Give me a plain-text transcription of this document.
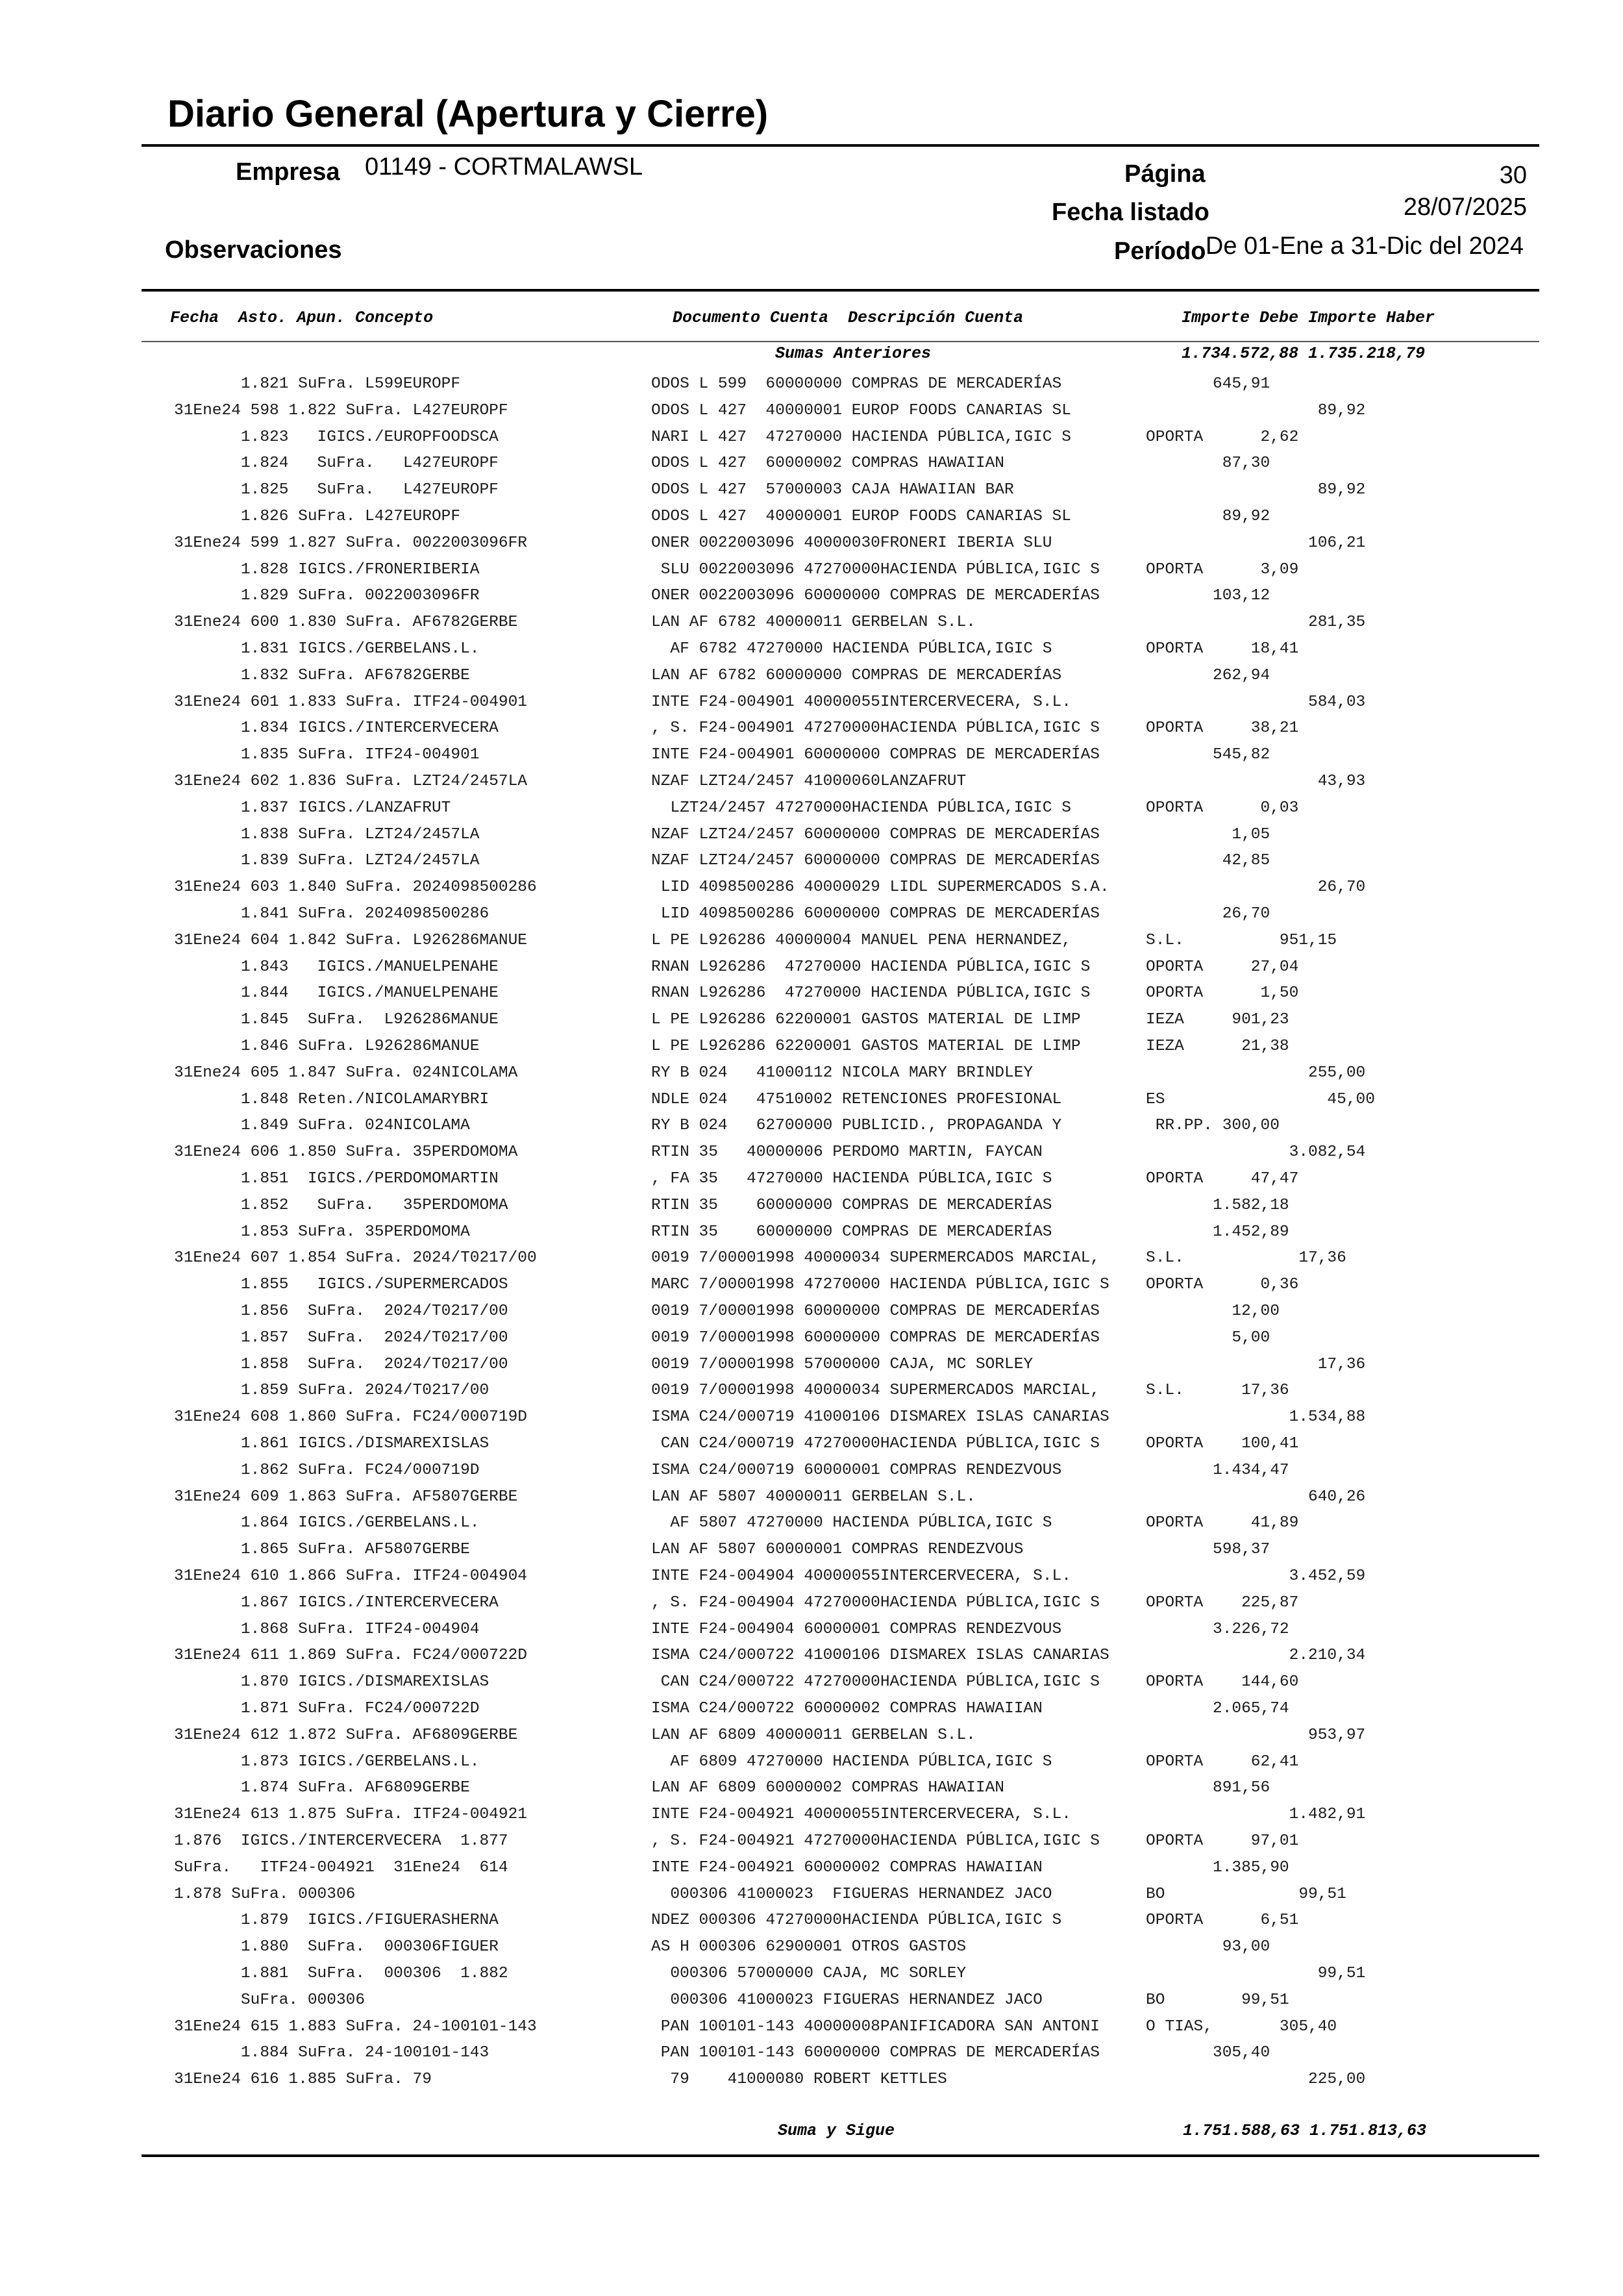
Diario General (Apertura y Cierre)
Empresa 01149 - CORTMALAWSL	Página	30
Fecha listado	28/07/2025
Observaciones	Período De 01-Ene a 31-Dic del 2024
Fecha  Asto. Apun. Concepto	Documento Cuenta  Descripción Cuenta	Importe Debe Importe Haber
Sumas Anteriores	1.734.572,88 1.735.218,79
1.821 SuFra. L599EUROPF	ODOS L 599  60000000 COMPRAS DE MERCADERÍAS	645,91
31Ene24 598 1.822 SuFra. L427EUROPF	ODOS L 427  40000001 EUROP FOODS CANARIAS SL	89,92
1.823   IGICS./EUROPFOODSCA	NARI L 427  47270000 HACIENDA PÚBLICA,IGIC S	OPORTA 2,62
1.824   SuFra.   L427EUROPF	ODOS L 427  60000002 COMPRAS HAWAIIAN	87,30
1.825   SuFra.   L427EUROPF	ODOS L 427  57000003 CAJA HAWAIIAN BAR	89,92
1.826 SuFra. L427EUROPF	ODOS L 427  40000001 EUROP FOODS CANARIAS SL	89,92
31Ene24 599 1.827 SuFra. 0022003096FR	ONER 0022003096 40000030FRONERI IBERIA SLU	106,21
1.828 IGICS./FRONERIBERIA	SLU 0022003096 47270000HACIENDA PÚBLICA,IGIC S	OPORTA 3,09
1.829 SuFra. 0022003096FR	ONER 0022003096 60000000 COMPRAS DE MERCADERÍAS	103,12
31Ene24 600 1.830 SuFra. AF6782GERBE	LAN AF 6782 40000011 GERBELAN S.L.	281,35
1.831 IGICS./GERBELANS.L.	AF 6782 47270000 HACIENDA PÚBLICA,IGIC S	OPORTA 18,41
1.832 SuFra. AF6782GERBE	LAN AF 6782 60000000 COMPRAS DE MERCADERÍAS	262,94
31Ene24 601 1.833 SuFra. ITF24-004901	INTE F24-004901 40000055INTERCERVECERA, S.L.	584,03
1.834 IGICS./INTERCERVECERA	, S. F24-004901 47270000HACIENDA PÚBLICA,IGIC S	OPORTA 38,21
1.835 SuFra. ITF24-004901	INTE F24-004901 60000000 COMPRAS DE MERCADERÍAS	545,82
31Ene24 602 1.836 SuFra. LZT24/2457LA	NZAF LZT24/2457 41000060LANZAFRUT	43,93
1.837 IGICS./LANZAFRUT	LZT24/2457 47270000HACIENDA PÚBLICA,IGIC S	OPORTA 0,03
1.838 SuFra. LZT24/2457LA	NZAF LZT24/2457 60000000 COMPRAS DE MERCADERÍAS	1,05
1.839 SuFra. LZT24/2457LA	NZAF LZT24/2457 60000000 COMPRAS DE MERCADERÍAS	42,85
31Ene24 603 1.840 SuFra. 2024098500286	LID 4098500286 40000029 LIDL SUPERMERCADOS S.A.	26,70
1.841 SuFra. 2024098500286	LID 4098500286 60000000 COMPRAS DE MERCADERÍAS	26,70
31Ene24 604 1.842 SuFra. L926286MANUE	L PE L926286 40000004 MANUEL PENA HERNANDEZ,	S.L. 951,15
1.843   IGICS./MANUELPENAHE	RNAN L926286  47270000 HACIENDA PÚBLICA,IGIC S	OPORTA 27,04
1.844   IGICS./MANUELPENAHE	RNAN L926286  47270000 HACIENDA PÚBLICA,IGIC S	OPORTA 1,50
1.845  SuFra.  L926286MANUE	L PE L926286 62200001 GASTOS MATERIAL DE LIMP	IEZA 901,23
1.846 SuFra. L926286MANUE	L PE L926286 62200001 GASTOS MATERIAL DE LIMP	IEZA 21,38
31Ene24 605 1.847 SuFra. 024NICOLAMA	RY B 024   41000112 NICOLA MARY BRINDLEY	255,00
1.848 Reten./NICOLAMARYBRI	NDLE 024   47510002 RETENCIONES PROFESIONAL	ES	45,00
1.849 SuFra. 024NICOLAMA	RY B 024   62700000 PUBLICID., PROPAGANDA Y	RR.PP. 300,00
31Ene24 606 1.850 SuFra. 35PERDOMOMA	RTIN 35   40000006 PERDOMO MARTIN, FAYCAN	3.082,54
1.851  IGICS./PERDOMOMARTIN	, FA 35   47270000 HACIENDA PÚBLICA,IGIC S	OPORTA 47,47
1.852   SuFra.   35PERDOMOMA	RTIN 35    60000000 COMPRAS DE MERCADERÍAS	1.582,18
1.853 SuFra. 35PERDOMOMA	RTIN 35    60000000 COMPRAS DE MERCADERÍAS	1.452,89
31Ene24 607 1.854 SuFra. 2024/T0217/00	0019 7/00001998 40000034 SUPERMERCADOS MARCIAL,	S.L. 17,36
1.855   IGICS./SUPERMERCADOS	MARC 7/00001998 47270000 HACIENDA PÚBLICA,IGIC S OPORTA 0,36
1.856  SuFra.  2024/T0217/00	0019 7/00001998 60000000 COMPRAS DE MERCADERÍAS	12,00
1.857  SuFra.  2024/T0217/00	0019 7/00001998 60000000 COMPRAS DE MERCADERÍAS	5,00
1.858  SuFra.  2024/T0217/00	0019 7/00001998 57000000 CAJA, MC SORLEY	17,36
1.859 SuFra. 2024/T0217/00	0019 7/00001998 40000034 SUPERMERCADOS MARCIAL,	S.L. 17,36
31Ene24 608 1.860 SuFra. FC24/000719D	ISMA C24/000719 41000106 DISMAREX ISLAS CANARIAS	1.534,88
1.861 IGICS./DISMAREXISLAS	CAN C24/000719 47270000HACIENDA PÚBLICA,IGIC S	OPORTA 100,41
1.862 SuFra. FC24/000719D	ISMA C24/000719 60000001 COMPRAS RENDEZVOUS	1.434,47
31Ene24 609 1.863 SuFra. AF5807GERBE	LAN AF 5807 40000011 GERBELAN S.L.	640,26
1.864 IGICS./GERBELANS.L.	AF 5807 47270000 HACIENDA PÚBLICA,IGIC S	OPORTA 41,89
1.865 SuFra. AF5807GERBE	LAN AF 5807 60000001 COMPRAS RENDEZVOUS	598,37
31Ene24 610 1.866 SuFra. ITF24-004904	INTE F24-004904 40000055INTERCERVECERA, S.L.	3.452,59
1.867 IGICS./INTERCERVECERA	, S. F24-004904 47270000HACIENDA PÚBLICA,IGIC S	OPORTA 225,87
1.868 SuFra. ITF24-004904	INTE F24-004904 60000001 COMPRAS RENDEZVOUS	3.226,72
31Ene24 611 1.869 SuFra. FC24/000722D	ISMA C24/000722 41000106 DISMAREX ISLAS CANARIAS	2.210,34
1.870 IGICS./DISMAREXISLAS	CAN C24/000722 47270000HACIENDA PÚBLICA,IGIC S	OPORTA 144,60
1.871 SuFra. FC24/000722D	ISMA C24/000722 60000002 COMPRAS HAWAIIAN	2.065,74
31Ene24 612 1.872 SuFra. AF6809GERBE	LAN AF 6809 40000011 GERBELAN S.L.	953,97
1.873 IGICS./GERBELANS.L.	AF 6809 47270000 HACIENDA PÚBLICA,IGIC S	OPORTA 62,41
1.874 SuFra. AF6809GERBE	LAN AF 6809 60000002 COMPRAS HAWAIIAN	891,56
31Ene24 613 1.875 SuFra. ITF24-004921	INTE F24-004921 40000055INTERCERVECERA, S.L.	1.482,91
1.876  IGICS./INTERCERVECERA  1.877	, S. F24-004921 47270000HACIENDA PÚBLICA,IGIC S	OPORTA 97,01
SuFra.   ITF24-004921  31Ene24  614	INTE F24-004921 60000002 COMPRAS HAWAIIAN	1.385,90
1.878 SuFra. 000306	000306 41000023  FIGUERAS HERNANDEZ JACO	BO	99,51
1.879  IGICS./FIGUERASHERNA	NDEZ 000306 47270000HACIENDA PÚBLICA,IGIC S	OPORTA 6,51
1.880  SuFra.  000306FIGUER	AS H 000306 62900001 OTROS GASTOS	93,00
1.881  SuFra.  000306  1.882	000306 57000000 CAJA, MC SORLEY	99,51
SuFra. 000306	000306 41000023 FIGUERAS HERNANDEZ JACO	BO	99,51
31Ene24 615 1.883 SuFra. 24-100101-143	PAN 100101-143 40000008PANIFICADORA SAN ANTONI	O TIAS, 305,40
1.884 SuFra. 24-100101-143	PAN 100101-143 60000000 COMPRAS DE MERCADERÍAS	305,40
31Ene24 616 1.885 SuFra. 79	79    41000080 ROBERT KETTLES	225,00
Suma y Sigue	1.751.588,63 1.751.813,63
